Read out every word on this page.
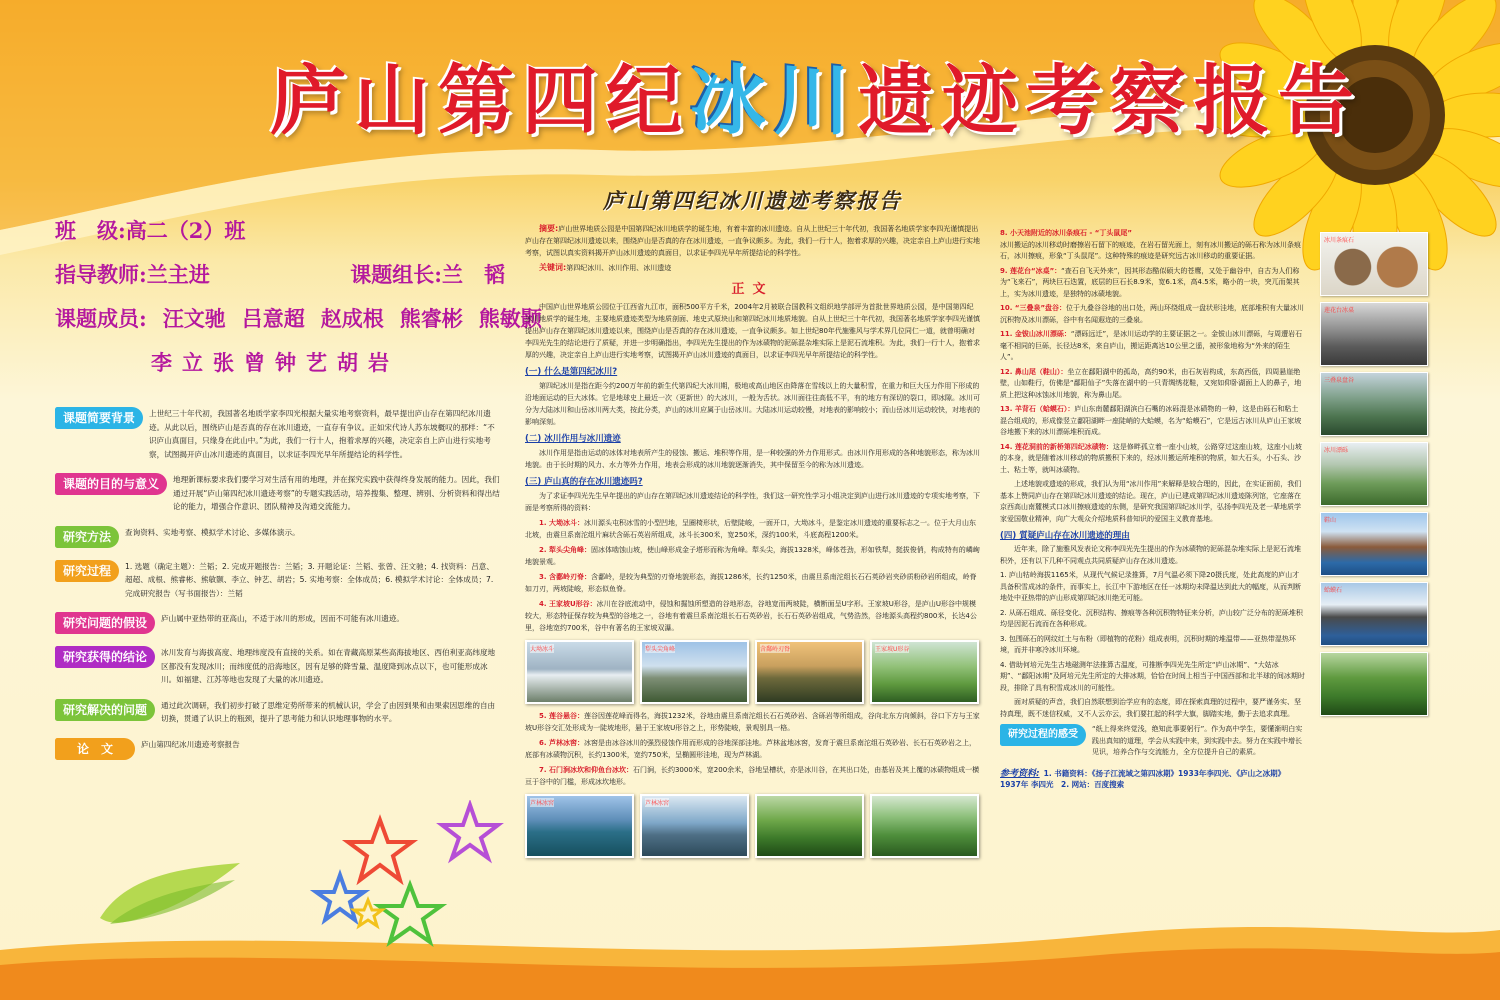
庐山第四纪冰川遗迹考察报告
班　级:高二（2）班
指导教师:兰主进	课题组长:兰　韬
课题成员: 汪文驰 吕意超 赵成根 熊睿彬 熊敏颢
李立张曾钟艺胡岩
课题简要背景	上世纪三十年代初，我国著名地质学家李四光根据大量实地考察资料，最早提出庐山存在第四纪冰川遗迹。从此以后，围绕庐山是否真的存在冰川遗迹，一直存有争议。正如宋代诗人苏东坡概叹的那样：“不识庐山真面目，只缘身在此山中。”为此，我们一行十人，抱着求厚的兴趣，决定亲自上庐山进行实地考察，试图揭开庐山冰川遗迹的真面目，以求证李四光早年所提结论的科学性。

课题的目的与意义	地理新课标要求我们要学习对生活有用的地理，并在探究实践中获得终身发展的能力。因此，我们通过开展“庐山第四纪冰川遗迹考察”的专题实践活动，培养搜集、整理、辨别、分析资料和得出结论的能力，增强合作意识、团队精神及沟通交流能力。

研究方法	查询资料、实地考察、模拟学术讨论、多媒体演示。

研究过程	1. 选题（确定主题）：兰韬；2. 完成开题报告：兰韬；3. 开题论证：兰韬、张曾、汪文驰；4. 找资料：吕意、超超、成根、熊睿彬、熊敏颢、李立、钟艺、胡岩；5. 实地考察：全体成员；6. 模拟学术讨论：全体成员；7. 完成研究报告（写书面报告）：兰韬

研究问题的假设	庐山属中亚热带的亚高山，不适于冰川的形成，因而不可能有冰川遗迹。

研究获得的结论	冰川发育与海拔高度、地理纬度没有直接的关系。如在青藏高原某些高海拔地区、西伯利亚高纬度地区都没有发现冰川；而纬度低的沿海地区，因有足够的降雪量、温度降到冰点以下，也可能形成冰川。如福建、江苏等地也发现了大量的冰川遗迹。

研究解决的问题	通过此次调研，我们初步打破了思维定势所带来的机械认识，学会了由因到果和由果索因思维的自由切换，贯通了认识上的瓶颈，提升了思考能力和认识地理事物的水平。

论　文	庐山第四纪冰川遗迹考察报告

庐山第四纪冰川遗迹考察报告

摘要:庐山世界地质公园是中国第四纪冰川地质学的诞生地，有着丰富的冰川遗迹。自从上世纪三十年代初，我国著名地质学家李四光谨慎提出庐山存在第四纪冰川遗迹以来，围绕庐山是否真的存在冰川遗迹，一直争议颇多。为此，我们一行十人，抱着求厚的兴趣，决定亲自上庐山进行实地考察，试图以真实资料揭开庐山冰川遗迹的真面目，以求证李四光早年所提结论的科学性。

关键词:第四纪冰川、冰川作用、冰川遗迹

正文

中国庐山世界地质公园位于江西省九江市，面积500平方千米，2004年2月被联合国教科文组织地学部评为首批世界地质公园，是中国第四纪冰川地质学的诞生地，主要地质遗迹类型为地质剖面、地史式原块山和第四纪冰川地质地貌。自从上世纪三十年代初，我国著名地质学家李四光谨慎提出庐山存在第四纪冰川遗迹以来，围绕庐山是否真的存在冰川遗迹，一直争议颇多。如上世纪80年代施雅风与学术界几位同仁一道，就曾明确对李四光先生的结论进行了质疑，并进一步明确指出，李四光先生提出的作为冰碛物的泥砾混杂堆实际上是泥石流堆积。为此，我们一行十人，抱着求厚的兴趣，决定亲自上庐山进行实地考察，试图揭开庐山冰川遗迹的真面目，以求证李四光早年所提结论的科学性。

(一) 什么是第四纪冰川?

第四纪冰川是指在距今约200万年前的新生代第四纪大冰川期，极地或高山地区由降落在雪线以上的大量积雪，在重力和巨大压力作用下形成的沿地面运动的巨大冰体。它是地球史上最近一次（更新世）的大冰川，一般为舌状。冰川面往往高低不平，有的地方有深切的裂口，即冰隙。冰川可分为大陆冰川和山岳冰川两大类，按此分类，庐山的冰川应属于山岳冰川。大陆冰川运动较慢，对地表的影响较小；而山岳冰川运动较快，对地表的影响深刻。

(二) 冰川作用与冰川遗迹

冰川作用是指由运动的冰体对地表所产生的侵蚀、搬运、堆积等作用，是一种较强的外力作用形式。由冰川作用形成的各种地貌形态，称为冰川地貌。由于长时期的风力、水力等外力作用，地表会形成的冰川地貌逐渐消失，其中保留至今的称为冰川遗迹。

(三) 庐山真的存在冰川遗迹吗?

为了求证李四光先生早年提出的庐山存在第四纪冰川遗迹结论的科学性，我们这一研究性学习小组决定到庐山进行冰川遗迹的专项实地考察，下面是考察所得的资料：

1. 大坳冰斗：冰川源头屯积冰雪的小型凹地，呈圈椅形状，后壁陡峻，一面开口，大坳冰斗，是鉴定冰川遗迹的重要标志之一。位于大月山东北坡，由震旦系南沱组片麻状含砾石英岩所组成，冰斗长300米，宽250米，深约100米，斗底高程1200米。

2. 犁头尖角峰：固冰体啮蚀山坡，使山峰形成金子塔形而称为角峰。犁头尖，海拔1328米，峰体苍劲，形如铁犁，挺拔俊俏，构成特有的嶙峋地貌景观。

3. 含鄱岭刃脊：含鄱岭，是较为典型的刃脊地貌形态，海拔1286米，长约1250米，由震旦系南沱组长石石英砂岩夹砂质粉砂岩所组成，岭脊如刀刃，两坡陡峻，形态似鱼脊。

4. 王家坡U形谷：冰川在谷底流动中，侵蚀和掘蚀所塑造的谷地形态，谷地宽而两坡陡，横断面呈U字形。王家坡U形谷，是庐山U形谷中规模较大，形态特征保存较为典型的谷地之一，谷地有着震旦系南沱组长石石英砂岩，长石石英砂岩组成，气势浩然，谷地源头高程约800米，长达4公里，谷地宽约700米，谷中有著名的王家坡双瀑。

大坳冰斗	犁头尖角峰	含鄱岭刃脊	王家坡U形谷

5. 莲谷悬谷：莲谷因莲花峰而得名，海拔1232米，谷地由震旦系南沱组长石石英砂岩、含砾岩等所组成，谷向北东方向倾斜，谷口下方与王家坡U形谷交汇处形成为一陡坡地形，悬于王家坡U形谷之上，形势陡峻，景观别具一格。

6. 芦林冰窖：冰窖是由冰谷冰川的强烈侵蚀作用而形成的谷地深部洼地。芦林盆地冰窖，发育于震旦系南沱组石英砂岩、长石石英砂岩之上，底部有冰碛物沉积，长约1300米，宽约750米，呈椭圆形洼地，现为芦林湖。

7. 石门涧冰坎和仰鱼台冰坎：石门涧，长约3000米，宽200余米，谷地呈槽状，亦是冰川谷，在其出口处，由基岩及其上覆的冰碛物组成一横亘于谷中的门槛，形成冰坎地形。

芦林冰窖	芦林冰窖

8. 小天池附近的冰川条痕石 - “丁头鼠尾”
冰川搬运的冰川移动时磨擦岩石留下的痕迹，在岩石留光面上，刻有冰川搬运的砾石称为冰川条痕石，冰川擦痕，形象“丁头鼠尾”。这种特殊的痕迹是研究远古冰川移动的重要证据。

9. 莲花台“冰桌”：“查石自飞天外来”，因其形态酷似硕大的苍鹰，又处于幽谷中，自古为人们称为“飞来石”，两块巨石迭置，底层的巨石长8.9米，宽6.1米，高4.5米，略小的一块，突兀而架其上，实为冰川遗迹，是独特的冰碛地貌。

10. “三叠泉”盘谷：位于九叠谷谷地的出口处，两山环绕组成一盘状形洼地，底部堆积有大量冰川沉积物及冰川漂砾，谷中有名闻遐迩的三叠泉。

11. 金钹山冰川漂砾：“漂砾远迁”，是冰川运动学的主要证据之一。金钹山冰川漂砾，与周遭岩石毫不相同的巨砾，长径达8米，来自庐山，搬运距离达10公里之遥，被形象地称为“外来的陌生人”。

12. 鼻山尾（鞋山）：坐立在鄱阳湖中的孤岛，高约90米，由石灰岩构成，东高西低，四周悬崖绝壁，山如鞋行，仿佛是“鄱阳仙子”失落在湖中的一只青绸绣花鞋，又宛如仰卧湖面上人的鼻子，地质上把这种冰蚀冰川地貌，称为鼻山尾。

13. 羊背石（蛤蟆石）：庐山东南麓鄱阳湖滨白石嘴的冰砾混是冰碛物的一种，这是由砾石和粘土混合组成的，形成像竖立鄱阳湖畔一座陡峭的大蛤蟆，名为“蛤蟆石”，它是远古冰川从庐山王家坡谷地搬下来的冰川漂砾堆积而成。

14. 莲花洞前的新桥第四纪冰碛物：这是修畔孤立着一座小山坡，公路穿过这座山坡，这座小山坡的本身，就是随着冰川移动的物质搬积下来的，经冰川搬运所堆积的物质，如大石头，小石头、沙土、粘土等，就叫冰碛物。

上述地貌或遗迹的形成，我们认为用“冰川作用”来解释是较合理的，因此，在实证面前，我们基本上赞同庐山存在第四纪冰川遗迹的结论。现在，庐山已建成第四纪冰川遗迹陈列馆，它座落在京西高山南麓模式口冰川擦痕遗迹的东侧，是研究我国第四纪冰川学，弘扬李四光及老一辈地质学家爱国敬业精神，向广大观众介绍地质科普知识的爱国主义教育基地。

(四) 質疑庐山存在冰川遗迹的理由

近年来，除了施雅风发表论文称李四光先生提出的作为冰碛物的泥砾混杂堆实际上是泥石流堆积外，还有以下几种不同观点共同质疑庐山存在冰川遗迹。

1. 庐山牯岭海拔1165米，从现代气候记录推算，7月气温必须下降20摄氏度，处此高度的庐山才具备积雪成冰的条件，而事实上，长江中下游地区在任一冰期均未降温达到此大的幅度，从而判断地处中亚热带的庐山形成第四纪冰川绝无可能。

2. 从砾石组成、砾径变化、沉积结构、擦痕等各种沉积物特征来分析，庐山较广泛分布的泥砾堆积均是因泥石流而在各种形成。

3. 包围砾石的网纹红土与布粉（即植物的花粉）组成表明，沉积时期的堆温带——亚热带湿热环境，而并非寒冷冰川环境。

4. 借助何培元先生古地磁测年法推算古温度，可推断李四光先生所定“庐山冰期”、“大姑冰期”、“鄱阳冰期”及阿培元先生所定的大排冰期，恰恰在时间上相当于中国西部和北半球的间冰期时段，排除了具有积雪成冰川的可能性。

面对质疑的声音，我们自然联想到治学应有的态度，即在探索真理的过程中，要严谨务实、坚持真理，既不迷信权威，又不人云亦云，我们要扛起的科学大旗，脚踏实地，勤于去追求真理。

研究过程的感受	“纸上得来终觉浅，绝知此事要躬行”。作为高中学生，要懂渐明白实践出真知的道理，学会从实践中来，到实践中去。努力在实践中增长见识，培养合作与交流能力，全方位提升自己的素质。

参考资料: 1. 书籍资料：《扬子江流域之第四冰期》1933年李四光、《庐山之冰期》1937年 李四光　2. 网站：百度搜索
冰川条痕石
莲花台冰桌
三叠泉盘谷
冰川漂砾
鞋山
蛤蟆石
